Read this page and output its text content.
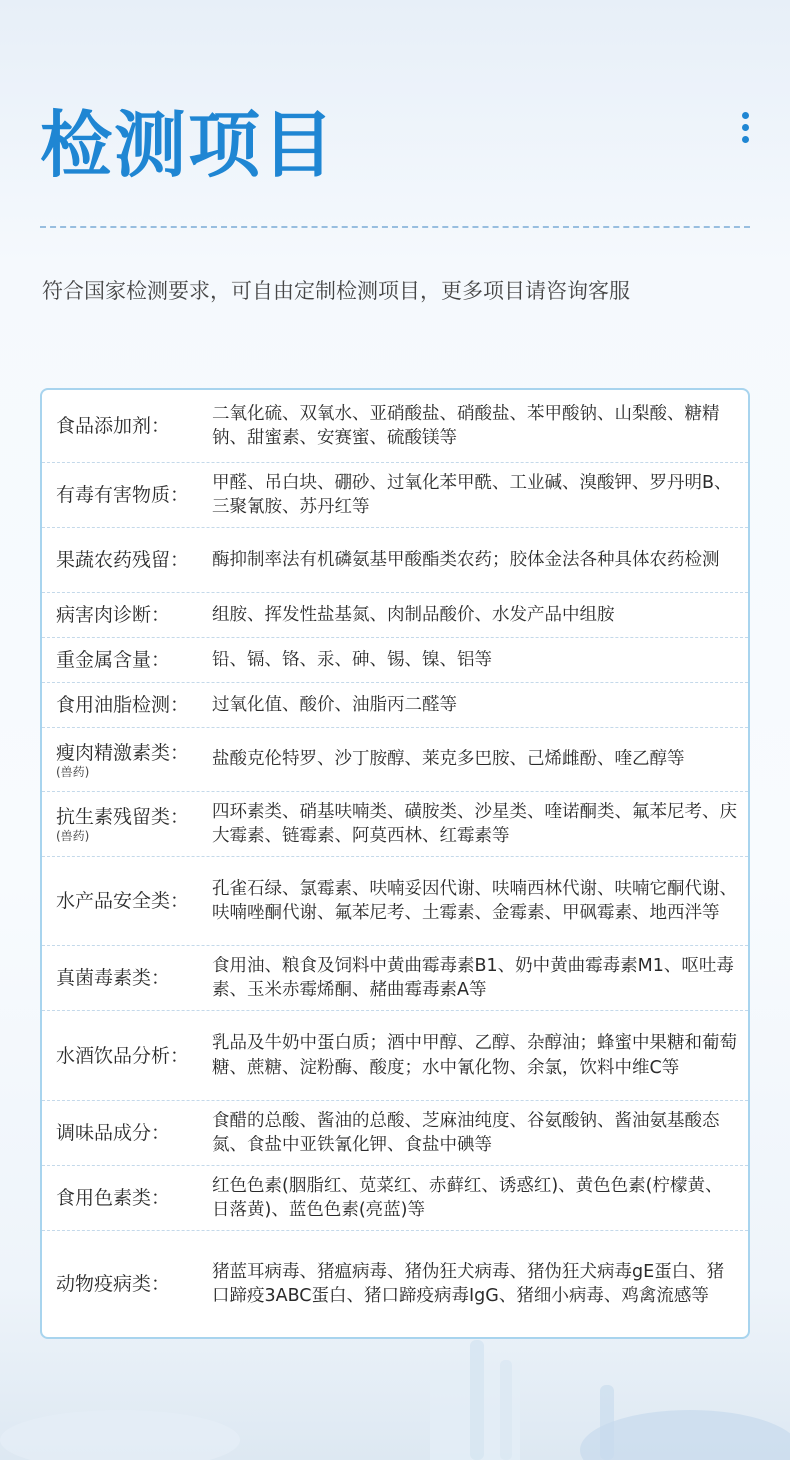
检测项目
符合国家检测要求，可自由定制检测项目，更多项目请咨询客服
食品添加剂：
二氧化硫、双氧水、亚硝酸盐、硝酸盐、苯甲酸钠、山梨酸、糖精钠、甜蜜素、安赛蜜、硫酸镁等
有毒有害物质：
甲醛、吊白块、硼砂、过氧化苯甲酰、工业碱、溴酸钾、罗丹明B、三聚氰胺、苏丹红等
果蔬农药残留：	酶抑制率法有机磷氨基甲酸酯类农药；胶体金法各种具体农药检测
病害肉诊断：	组胺、挥发性盐基氮、肉制品酸价、水发产品中组胺
重金属含量：	铅、镉、铬、汞、砷、锡、镍、铝等
食用油脂检测：	过氧化值、酸价、油脂丙二醛等
瘦肉精激素类：
(兽药)
盐酸克伦特罗、沙丁胺醇、莱克多巴胺、己烯雌酚、喹乙醇等
抗生素残留类：
(兽药)
四环素类、硝基呋喃类、磺胺类、沙星类、喹诺酮类、氟苯尼考、庆大霉素、链霉素、阿莫西林、红霉素等
水产品安全类：
孔雀石绿、氯霉素、呋喃妥因代谢、呋喃西林代谢、呋喃它酮代谢、呋喃唑酮代谢、氟苯尼考、土霉素、金霉素、甲砜霉素、地西泮等
真菌毒素类：
食用油、粮食及饲料中黄曲霉毒素B1、奶中黄曲霉毒素M1、呕吐毒素、玉米赤霉烯酮、赭曲霉毒素A等
水酒饮品分析：
乳品及牛奶中蛋白质；酒中甲醇、乙醇、杂醇油；蜂蜜中果糖和葡萄糖、蔗糖、淀粉酶、酸度；水中氰化物、余氯，饮料中维C等
调味品成分：
食醋的总酸、酱油的总酸、芝麻油纯度、谷氨酸钠、酱油氨基酸态氮、食盐中亚铁氰化钾、食盐中碘等
食用色素类：
红色色素(胭脂红、苋菜红、赤藓红、诱惑红)、黄色色素(柠檬黄、日落黄)、蓝色色素(亮蓝)等
动物疫病类：
猪蓝耳病毒、猪瘟病毒、猪伪狂犬病毒、猪伪狂犬病毒gE蛋白、猪口蹄疫3ABC蛋白、猪口蹄疫病毒IgG、猪细小病毒、鸡禽流感等
